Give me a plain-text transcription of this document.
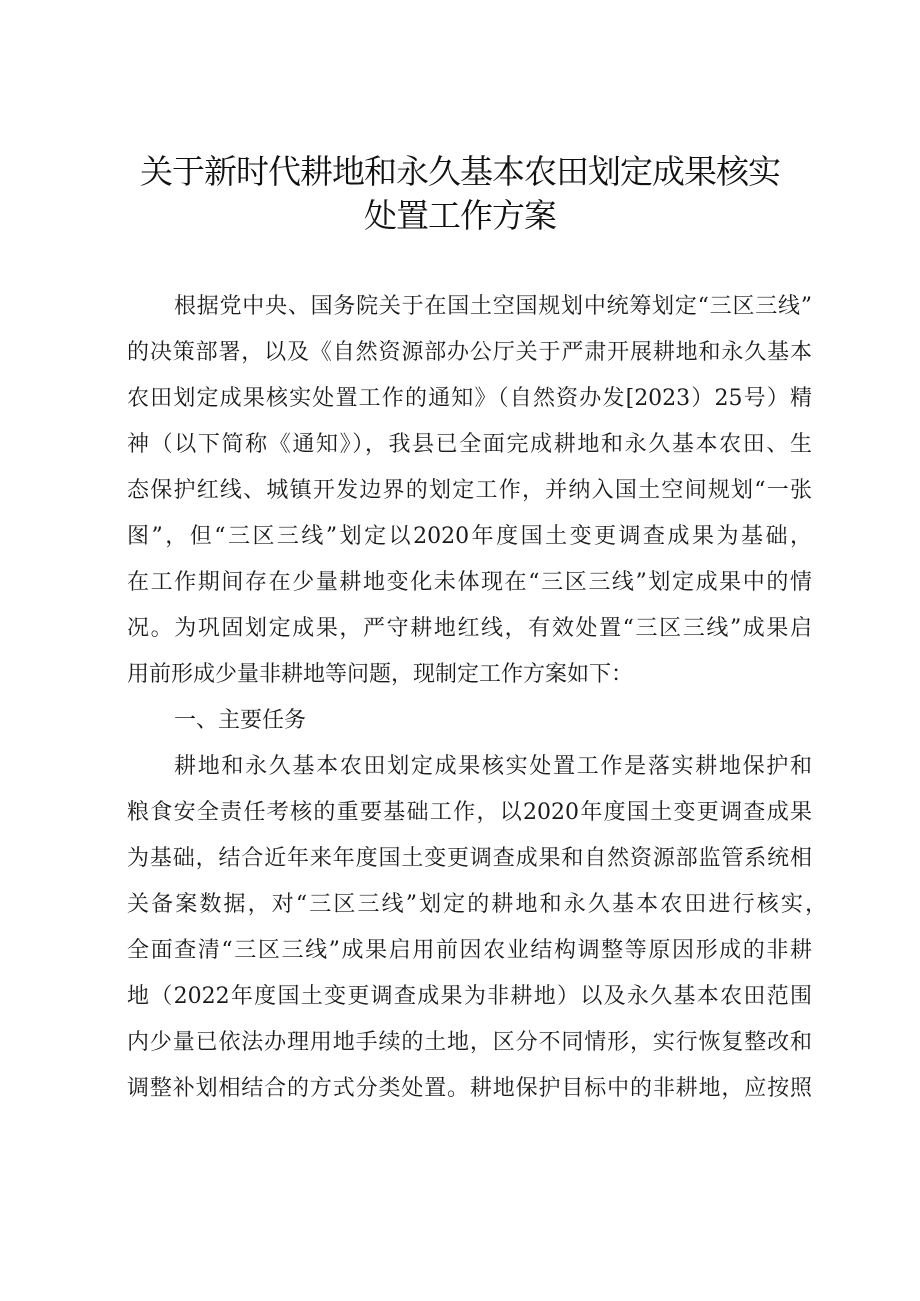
关于新时代耕地和永久基本农田划定成果核实
处置工作方案
根据党中央、国务院关于在国土空国规划中统筹划定“三区三线”
的决策部署，以及《自然资源部办公厅关于严肃开展耕地和永久基本
农田划定成果核实处置工作的通知》（自然资办发[2023）25号）精
神（以下简称《通知》），我县已全面完成耕地和永久基本农田、生
态保护红线、城镇开发边界的划定工作，并纳入国土空间规划“一张
图”，但“三区三线”划定以2020年度国土变更调查成果为基础，
在工作期间存在少量耕地变化未体现在“三区三线”划定成果中的情
况。为巩固划定成果，严守耕地红线，有效处置“三区三线”成果启
用前形成少量非耕地等问题，现制定工作方案如下：
一、主要任务
耕地和永久基本农田划定成果核实处置工作是落实耕地保护和
粮食安全责任考核的重要基础工作，以2020年度国土变更调查成果
为基础，结合近年来年度国土变更调查成果和自然资源部监管系统相
关备案数据，对“三区三线”划定的耕地和永久基本农田进行核实，
全面查清“三区三线”成果启用前因农业结构调整等原因形成的非耕
地（2022年度国土变更调查成果为非耕地）以及永久基本农田范围
内少量已依法办理用地手续的土地，区分不同情形，实行恢复整改和
调整补划相结合的方式分类处置。耕地保护目标中的非耕地，应按照
